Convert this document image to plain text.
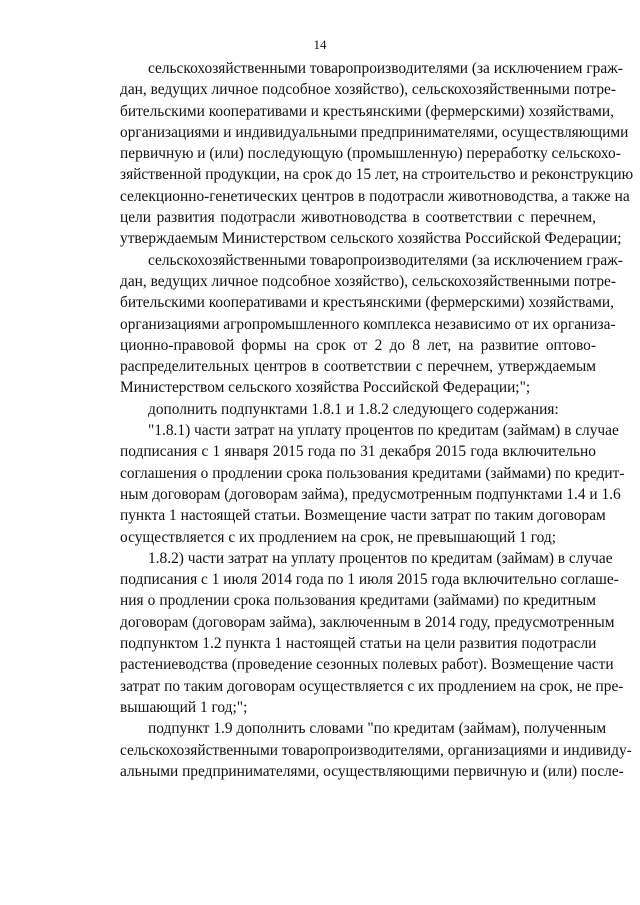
14
сельскохозяйственными товаропроизводителями (за исключением граж-
дан, ведущих личное подсобное хозяйство), сельскохозяйственными потре-
бительскими кооперативами и крестьянскими (фермерскими) хозяйствами,
организациями и индивидуальными предпринимателями, осуществляющими
первичную и (или) последующую (промышленную) переработку сельскохо-
зяйственной продукции, на срок до 15 лет, на строительство и реконструкцию
селекционно-генетических центров в подотрасли животноводства, а также на
цели развития подотрасли животноводства в соответствии с перечнем,
утверждаемым Министерством сельского хозяйства Российской Федерации;
сельскохозяйственными товаропроизводителями (за исключением граж-
дан, ведущих личное подсобное хозяйство), сельскохозяйственными потре-
бительскими кооперативами и крестьянскими (фермерскими) хозяйствами,
организациями агропромышленного комплекса независимо от их организа-
ционно-правовой формы на срок от 2 до 8 лет, на развитие оптово-
распределительных центров в соответствии с перечнем, утверждаемым
Министерством сельского хозяйства Российской Федерации;";
дополнить подпунктами 1.8.1 и 1.8.2 следующего содержания:
"1.8.1) части затрат на уплату процентов по кредитам (займам) в случае
подписания с 1 января 2015 года по 31 декабря 2015 года включительно
соглашения о продлении срока пользования кредитами (займами) по кредит-
ным договорам (договорам займа), предусмотренным подпунктами 1.4 и 1.6
пункта 1 настоящей статьи. Возмещение части затрат по таким договорам
осуществляется с их продлением на срок, не превышающий 1 год;
1.8.2) части затрат на уплату процентов по кредитам (займам) в случае
подписания с 1 июля 2014 года по 1 июля 2015 года включительно соглаше-
ния о продлении срока пользования кредитами (займами) по кредитным
договорам (договорам займа), заключенным в 2014 году, предусмотренным
подпунктом 1.2 пункта 1 настоящей статьи на цели развития подотрасли
растениеводства (проведение сезонных полевых работ). Возмещение части
затрат по таким договорам осуществляется с их продлением на срок, не пре-
вышающий 1 год;";
подпункт 1.9 дополнить словами "по кредитам (займам), полученным
сельскохозяйственными товаропроизводителями, организациями и индивиду-
альными предпринимателями, осуществляющими первичную и (или) после-
